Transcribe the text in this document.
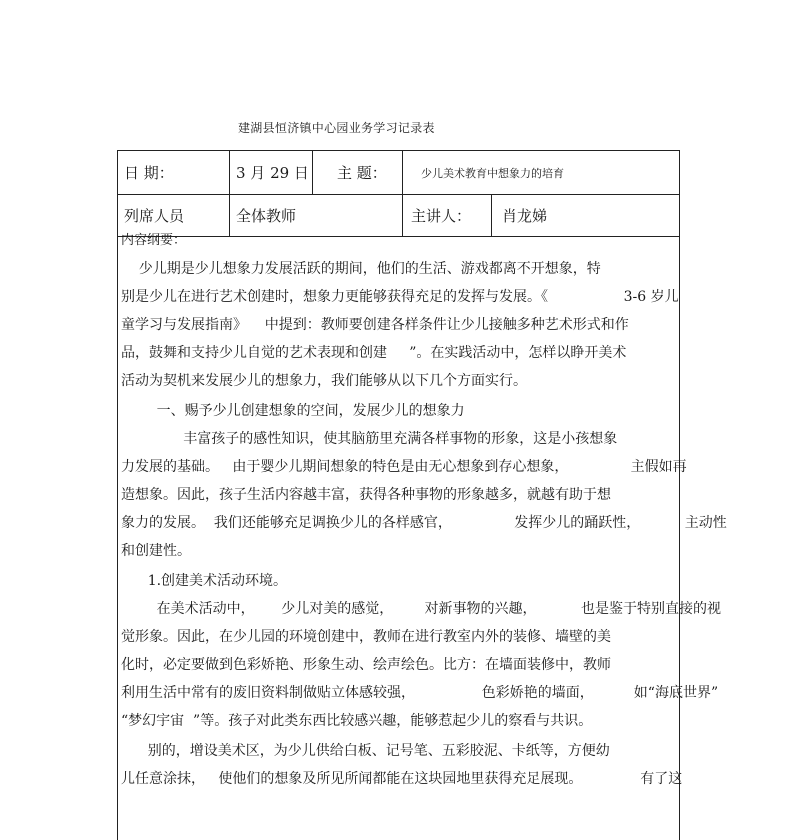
建湖县恒济镇中心园业务学习记录表
日 期：	3 月 29 日	主 题：	少儿美术教育中想象力的培育
列席人员	全体教师	主讲人：	肖龙娣
内容纲要：
少儿期是少儿想象力发展活跃的期间，他们的生活、游戏都离不开想象，特
别是少儿在进行艺术创建时，想象力更能够获得充足的发挥与发展。《                 3-6 岁儿
童学习与发展指南》    中提到：教师要创建各样条件让少儿接触多种艺术形式和作
品，鼓舞和支持少儿自觉的艺术表现和创建     ”。在实践活动中，怎样以睁开美术
活动为契机来发展少儿的想象力，我们能够从以下几个方面实行。
一、赐予少儿创建想象的空间，发展少儿的想象力
丰富孩子的感性知识，使其脑筋里充满各样事物的形象，这是小孩想象
力发展的基础。   由于婴少儿期间想象的特色是由无心想象到存心想象，              主假如再
造想象。因此，孩子生活内容越丰富，获得各种事物的形象越多，就越有助于想
象力的发展。  我们还能够充足调换少儿的各样感官，              发挥少儿的踊跃性，          主动性
和创建性。
1.创建美术活动环境。
在美术活动中，      少儿对美的感觉，       对新事物的兴趣，          也是鉴于特别直接的视
觉形象。因此，在少儿园的环境创建中，教师在进行教室内外的装修、墙壁的美
化时，必定要做到色彩娇艳、形象生动、绘声绘色。比方：在墙面装修中，教师
利用生活中常有的废旧资料制做贴立体感较强，               色彩娇艳的墙面，         如“海底世界”
“梦幻宇宙  ”等。孩子对此类东西比较感兴趣，能够惹起少儿的察看与共识。
别的，增设美术区，为少儿供给白板、记号笔、五彩胶泥、卡纸等，方便幼
儿任意涂抹，   使他们的想象及所见所闻都能在这块园地里获得充足展现。             有了这
